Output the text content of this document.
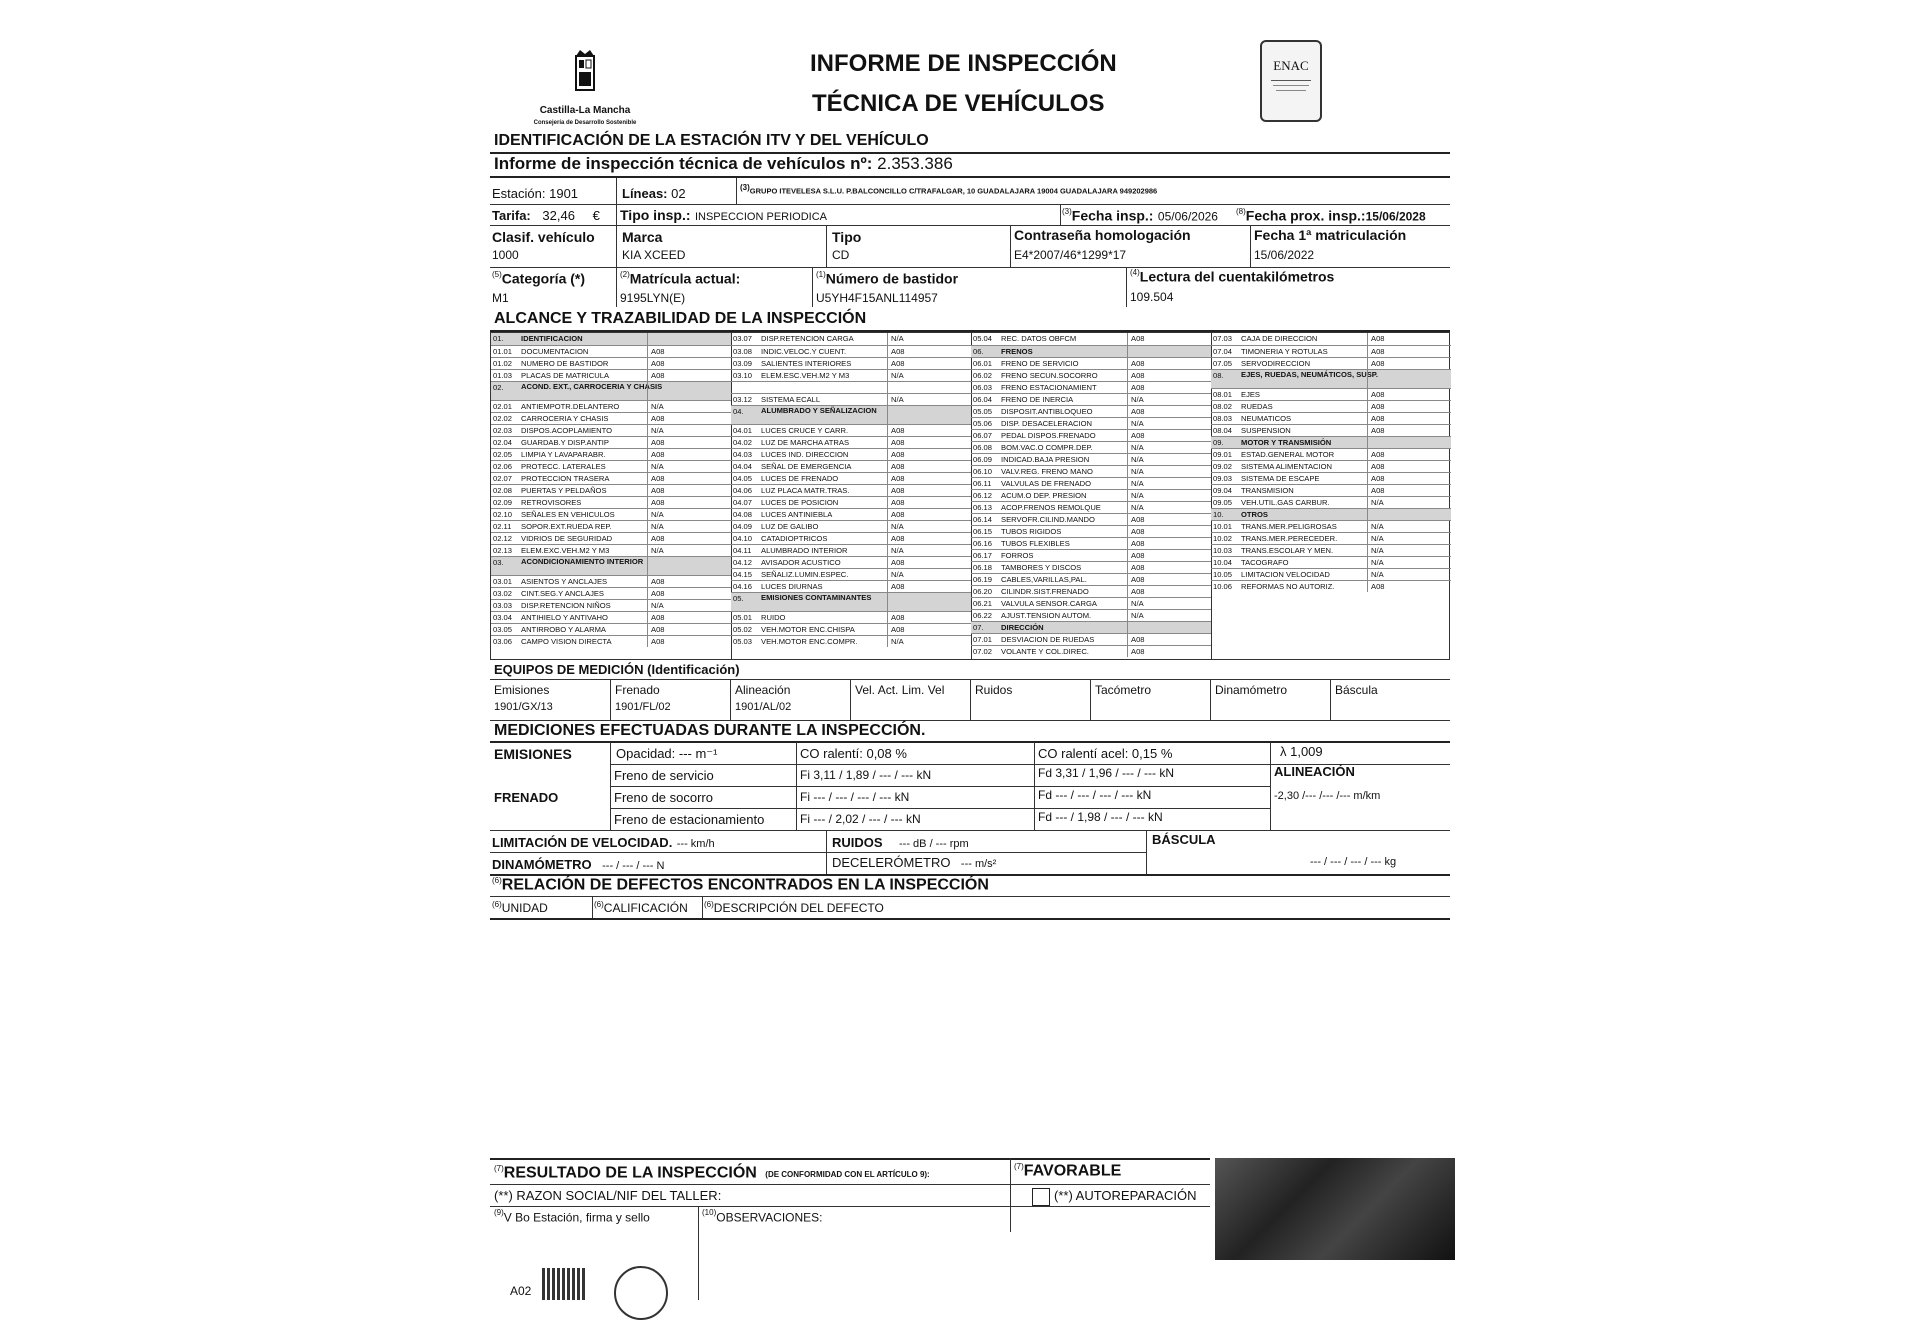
Castilla-La Mancha
Consejería de Desarrollo Sostenible
INFORME DE INSPECCIÓN
TÉCNICA DE VEHÍCULOS
ENAC
IDENTIFICACIÓN DE LA ESTACIÓN ITV Y DEL VEHÍCULO
Informe de inspección técnica de vehículos nº: 2.353.386
Estación: 1901	Líneas: 02	(3)GRUPO ITEVELESA S.L.U. P.BALCONCILLO C/TRAFALGAR, 10 GUADALAJARA 19004 GUADALAJARA 949202986
Tarifa: 32,46 € Tipo insp.: INSPECCION PERIODICA	$^{(3)}$Fecha insp.: 05/06/2026 $^{(8)}$Fecha prox. insp.:15/06/2028
Clasif. vehículo
1000
Marca
KIA XCEED
Tipo
CD
Contraseña homologación
E4*2007/46*1299*17
Fecha 1ª matriculación
15/06/2022
$^{(5)}$Categoría (*)
M1
$^{(2)}$Matrícula actual:
9195LYN(E)
$^{(1)}$Número de bastidor
U5YH4F15ANL114957
$^{(4)}$Lectura del cuentakilómetros
109.504
ALCANCE Y TRAZABILIDAD DE LA INSPECCIÓN
01. IDENTIFICACION
01.01 DOCUMENTACION	A08
01.02 NUMERO DE BASTIDOR	A08
01.03 PLACAS DE MATRICULA	A08
02. ACOND. EXT., CARROCERIA Y CHASIS
02.01 ANTIEMPOTR.DELANTERO	N/A
02.02 CARROCERIA Y CHASIS	A08
02.03 DISPOS.ACOPLAMIENTO	N/A
02.04 GUARDAB.Y DISP.ANTIP	A08
02.05 LIMPIA Y LAVAPARABR.	A08
02.06 PROTECC. LATERALES	N/A
02.07 PROTECCION TRASERA	A08
02.08 PUERTAS Y PELDAÑOS	A08
02.09 RETROVISORES	A08
02.10 SEÑALES EN VEHICULOS	N/A
02.11 SOPOR.EXT.RUEDA REP.	N/A
02.12 VIDRIOS DE SEGURIDAD	A08
02.13 ELEM.EXC.VEH.M2 Y M3	N/A
03. ACONDICIONAMIENTO INTERIOR
03.01 ASIENTOS Y ANCLAJES	A08
03.02 CINT.SEG.Y ANCLAJES	A08
03.03 DISP.RETENCION NIÑOS	N/A
03.04 ANTIHIELO Y ANTIVAHO	A08
03.05 ANTIRROBO Y ALARMA	A08
03.06 CAMPO VISION DIRECTA	A08
03.07 DISP.RETENCION CARGA	N/A
03.08 INDIC.VELOC.Y CUENT.	A08
03.09 SALIENTES INTERIORES	A08
03.10 ELEM.ESC.VEH.M2 Y M3	N/A
03.12 SISTEMA ECALL	N/A
04. ALUMBRADO Y SEÑALIZACION
04.01 LUCES CRUCE Y CARR.	A08
04.02 LUZ DE MARCHA ATRAS	A08
04.03 LUCES IND. DIRECCION	A08
04.04 SEÑAL DE EMERGENCIA	A08
04.05 LUCES DE FRENADO	A08
04.06 LUZ PLACA MATR.TRAS.	A08
04.07 LUCES DE POSICION	A08
04.08 LUCES ANTINIEBLA	A08
04.09 LUZ DE GALIBO	N/A
04.10 CATADIOPTRICOS	A08
04.11 ALUMBRADO INTERIOR	N/A
04.12 AVISADOR ACUSTICO	A08
04.15 SEÑALIZ.LUMIN.ESPEC.	N/A
04.16 LUCES DIURNAS	A08
05. EMISIONES CONTAMINANTES
05.01 RUIDO	A08
05.02 VEH.MOTOR ENC.CHISPA	A08
05.03 VEH.MOTOR ENC.COMPR.	N/A
05.04 REC. DATOS OBFCM	A08
06. FRENOS
06.01 FRENO DE SERVICIO	A08
06.02 FRENO SECUN.SOCORRO	A08
06.03 FRENO ESTACIONAMIENT	A08
06.04 FRENO DE INERCIA	N/A
05.05 DISPOSIT.ANTIBLOQUEO	A08
05.06 DISP. DESACELERACION	N/A
06.07 PEDAL DISPOS.FRENADO	A08
06.08 BOM.VAC.O COMPR.DEP.	N/A
06.09 INDICAD.BAJA PRESION	N/A
06.10 VALV.REG. FRENO MANO	N/A
06.11 VALVULAS DE FRENADO	N/A
06.12 ACUM.O DEP. PRESION	N/A
06.13 ACOP.FRENOS REMOLQUE	N/A
06.14 SERVOFR.CILIND.MANDO	A08
06.15 TUBOS RIGIDOS	A08
06.16 TUBOS FLEXIBLES	A08
06.17 FORROS	A08
06.18 TAMBORES Y DISCOS	A08
06.19 CABLES,VARILLAS,PAL.	A08
06.20 CILINDR.SIST.FRENADO	A08
06.21 VALVULA SENSOR.CARGA	N/A
06.22 AJUST.TENSION AUTOM.	N/A
07. DIRECCIÓN
07.01 DESVIACION DE RUEDAS	A08
07.02 VOLANTE Y COL.DIREC.	A08
07.03 CAJA DE DIRECCION	A08
07.04 TIMONERIA Y ROTULAS	A08
07.05 SERVODIRECCION	A08
08. EJES, RUEDAS, NEUMÁTICOS, SUSP.
08.01 EJES	A08
08.02 RUEDAS	A08
08.03 NEUMATICOS	A08
08.04 SUSPENSION	A08
09. MOTOR Y TRANSMISIÓN
09.01 ESTAD.GENERAL MOTOR	A08
09.02 SISTEMA ALIMENTACION	A08
09.03 SISTEMA DE ESCAPE	A08
09.04 TRANSMISION	A08
09.05 VEH.UTIL.GAS CARBUR.	N/A
10. OTROS
10.01 TRANS.MER.PELIGROSAS	N/A
10.02 TRANS.MER.PERECEDER.	N/A
10.03 TRANS.ESCOLAR Y MEN.	N/A
10.04 TACOGRAFO	N/A
10.05 LIMITACION VELOCIDAD	N/A
10.06 REFORMAS NO AUTORIZ.	A08
EQUIPOS DE MEDICIÓN (Identificación)
Emisiones
1901/GX/13
Frenado
1901/FL/02
Alineación
1901/AL/02
Vel. Act. Lim. Vel	Ruidos	Tacómetro	Dinamómetro	Báscula
MEDICIONES EFECTUADAS DURANTE LA INSPECCIÓN.
EMISIONES	Opacidad: --- m⁻¹	CO ralentí: 0,08 %	CO ralentí acel: 0,15 %	λ 1,009
FRENADO
Freno de servicio	Fi 3,11 / 1,89 / --- / --- kN	Fd 3,31 / 1,96 / --- / --- kN	ALINEACIÓN
Freno de socorro	Fi --- / --- / --- / --- kN	Fd --- / --- / --- / --- kN	-2,30 /--- /--- /--- m/km
Freno de estacionamiento	Fi --- / 2,02 / --- / --- kN	Fd --- / 1,98 / --- / --- kN
LIMITACIÓN DE VELOCIDAD. --- km/h	RUIDOS --- dB / --- rpm	BÁSCULA
--- / --- / --- / --- kg
DINAMÓMETRO --- / --- / --- N	DECELERÓMETRO --- m/s²
$^{(6)}$RELACIÓN DE DEFECTOS ENCONTRADOS EN LA INSPECCIÓN
$^{(6)}$UNIDAD	$^{(6)}$CALIFICACIÓN $^{(6)}$DESCRIPCIÓN DEL DEFECTO
$^{(7)}$RESULTADO DE LA INSPECCIÓN (DE CONFORMIDAD CON EL ARTÍCULO 9):
$^{(7)}$FAVORABLE
(**) RAZON SOCIAL/NIF DEL TALLER:	(**) AUTOREPARACIÓN
$^{(9)}$V Bo Estación, firma y sello	$^{(10)}$OBSERVACIONES:
A02
